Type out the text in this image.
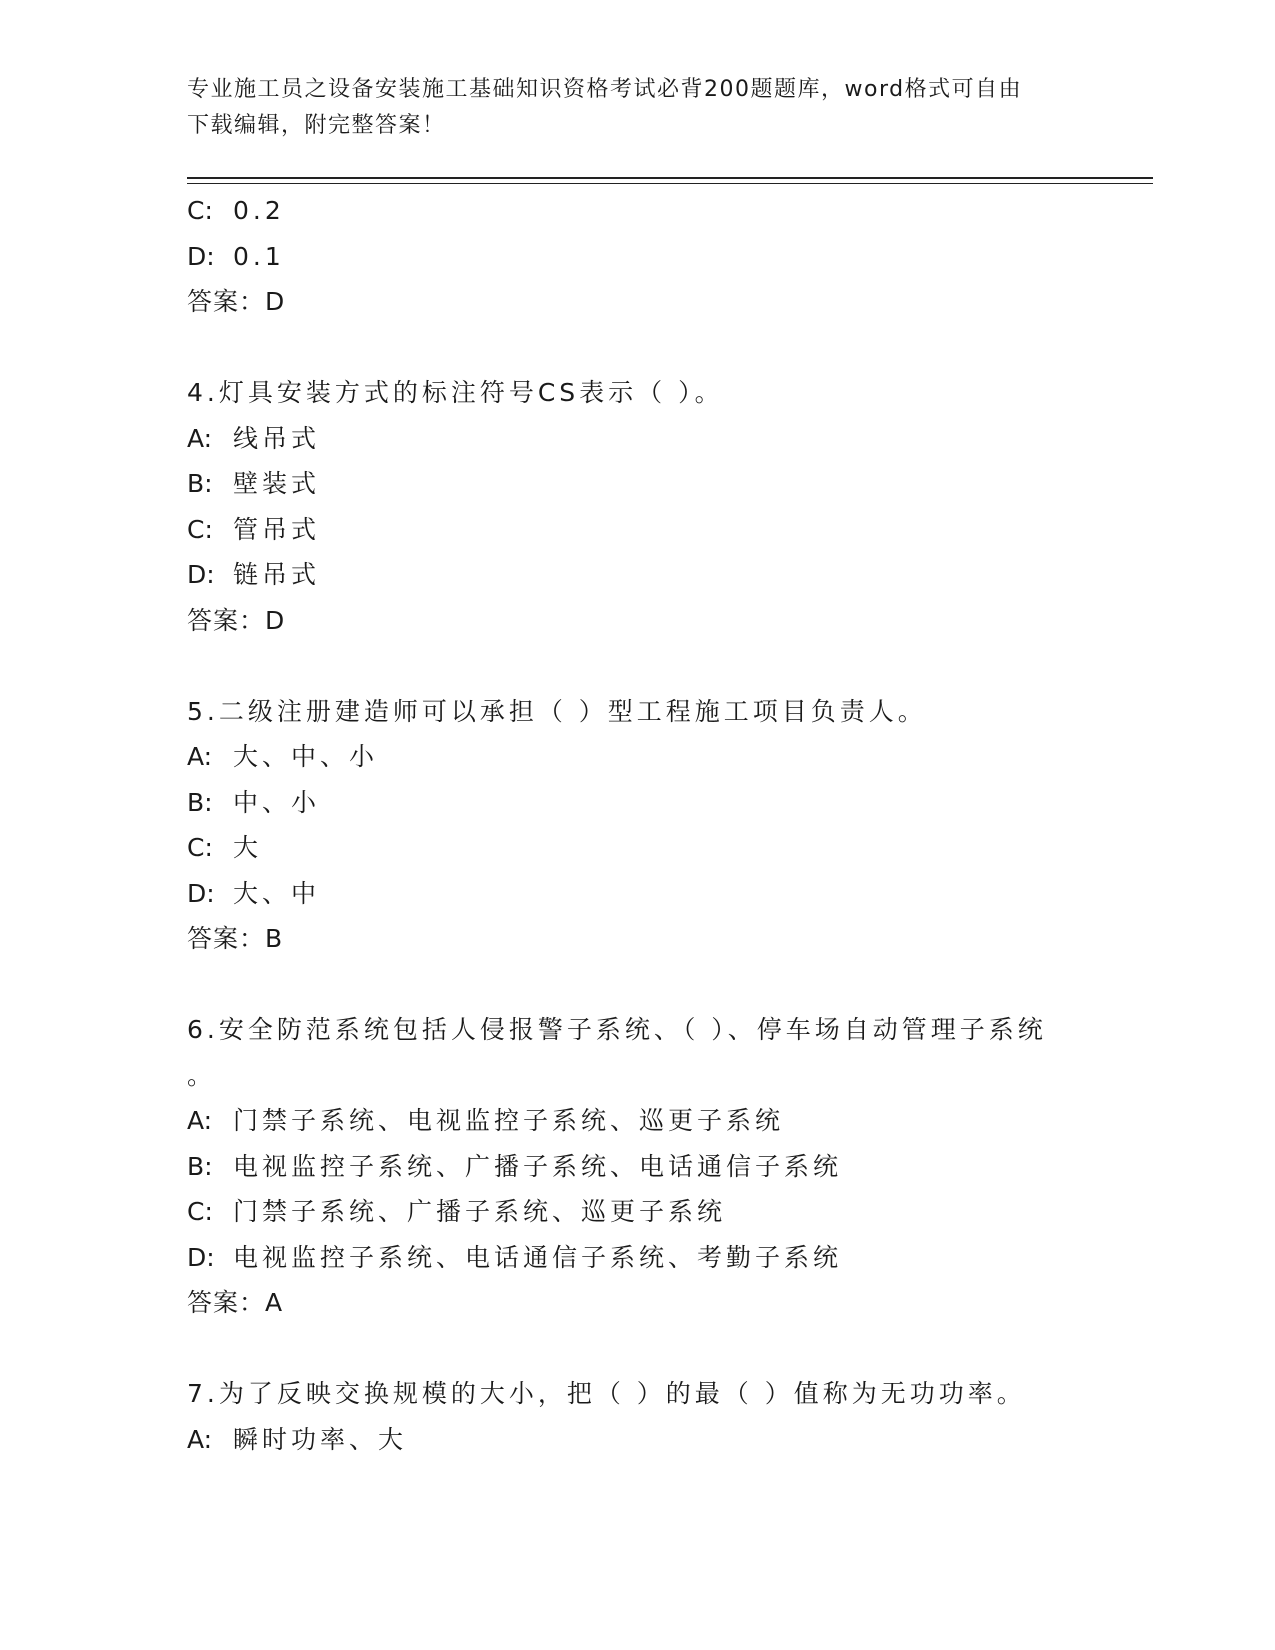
专业施工员之设备安装施工基础知识资格考试必背200题题库，word格式可自由
下载编辑，附完整答案！
C: 0.2
D: 0.1
答案：D
4.灯具安装方式的标注符号CS表示（ ）。
A: 线吊式
B: 壁装式
C: 管吊式
D: 链吊式
答案：D
5.二级注册建造师可以承担（ ）型工程施工项目负责人。
A: 大、中、小
B: 中、小
C: 大
D: 大、中
答案：B
6.安全防范系统包括人侵报警子系统、（ ）、停车场自动管理子系统
。
A: 门禁子系统、电视监控子系统、巡更子系统
B: 电视监控子系统、广播子系统、电话通信子系统
C: 门禁子系统、广播子系统、巡更子系统
D: 电视监控子系统、电话通信子系统、考勤子系统
答案：A
7.为了反映交换规模的大小，把（ ）的最（ ）值称为无功功率。
A: 瞬时功率、大
